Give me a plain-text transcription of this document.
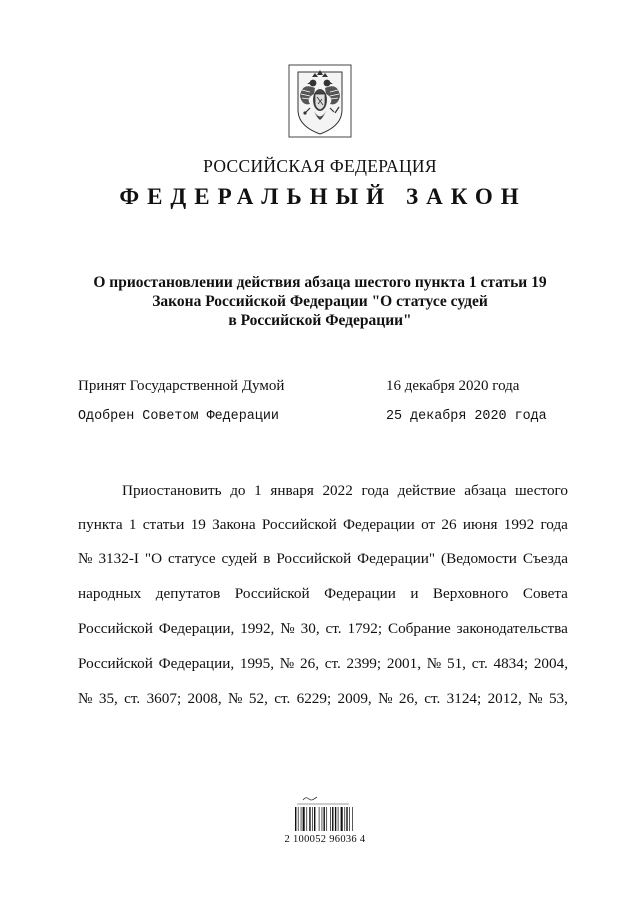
РОССИЙСКАЯ ФЕДЕРАЦИЯ
ФЕДЕРАЛЬНЫЙ ЗАКОН
О приостановлении действия абзаца шестого пункта 1 статьи 19
Закона Российской Федерации "О статусе судей
в Российской Федерации"
Принят Государственной Думой	16 декабря 2020 года
Одобрен Советом Федерации	25 декабря 2020 года
Приостановить до 1 января 2022 года действие абзаца шестого
пункта 1 статьи 19 Закона Российской Федерации от 26 июня 1992 года
№ 3132-I "О статусе судей в Российской Федерации" (Ведомости Съезда
народных депутатов Российской Федерации и Верховного Совета
Российской Федерации, 1992, № 30, ст. 1792; Собрание законодательства
Российской Федерации, 1995, № 26, ст. 2399; 2001, № 51, ст. 4834; 2004,
№ 35, ст. 3607; 2008, № 52, ст. 6229; 2009, № 26, ст. 3124; 2012, № 53,
2 100052 96036 4
